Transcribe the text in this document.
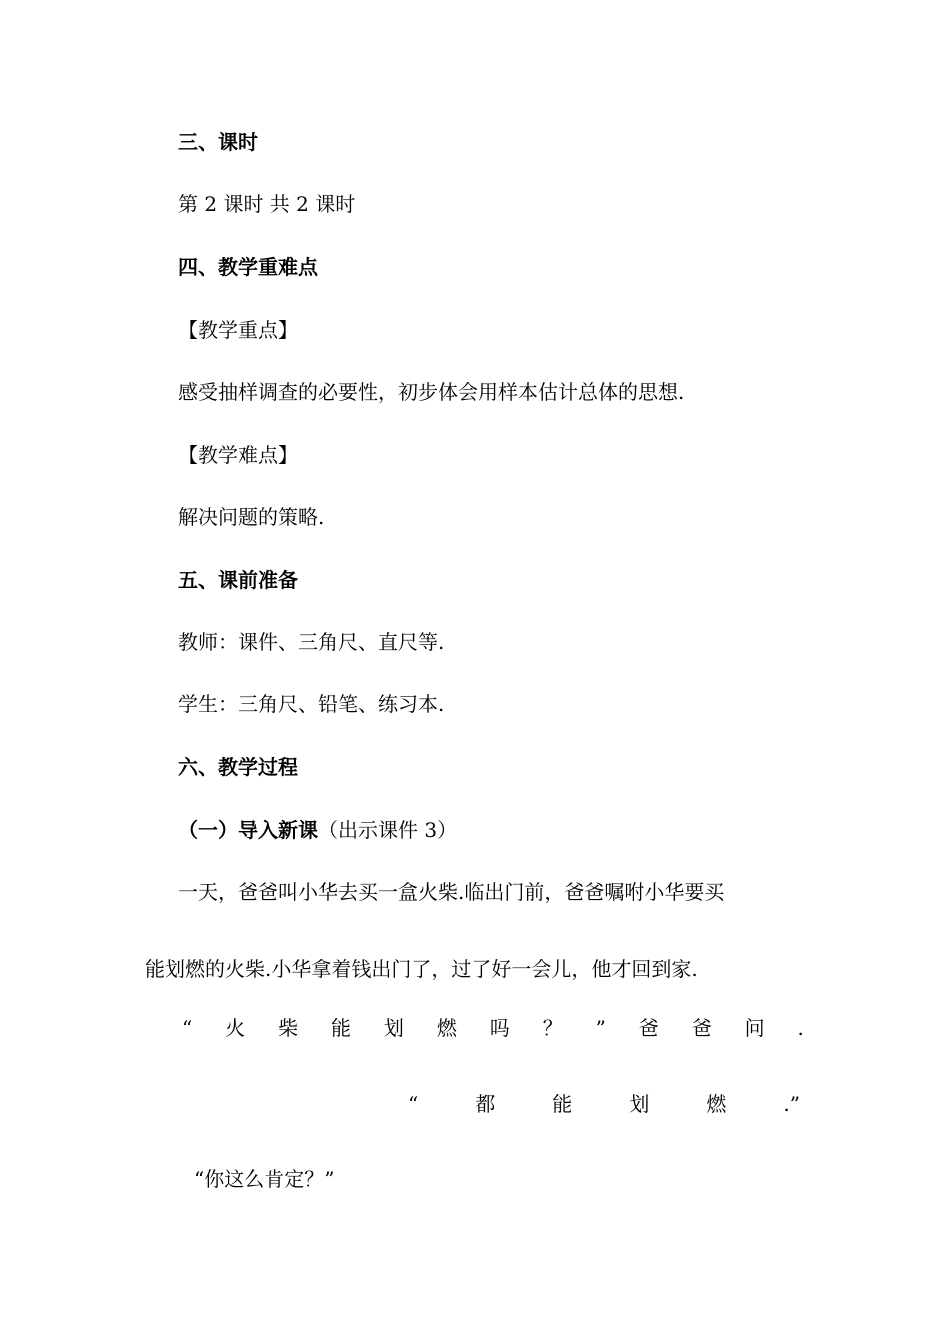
三、课时
第 2 课时 共 2 课时
四、教学重难点
【教学重点】
感受抽样调查的必要性，初步体会用样本估计总体的思想.
【教学难点】
解决问题的策略.
五、课前准备
教师：课件、三角尺、直尺等.
学生：三角尺、铅笔、练习本.
六、教学过程
（一）导入新课（出示课件 3）
一天，爸爸叫小华去买一盒火柴.临出门前，爸爸嘱咐小华要买
能划燃的火柴.小华拿着钱出门了，过了好一会儿，他才回到家.
“ 火 柴 能 划 燃 吗 ？ ” 爸 爸 问 .
“	都	能	划	燃	.”
“你这么肯定？”
